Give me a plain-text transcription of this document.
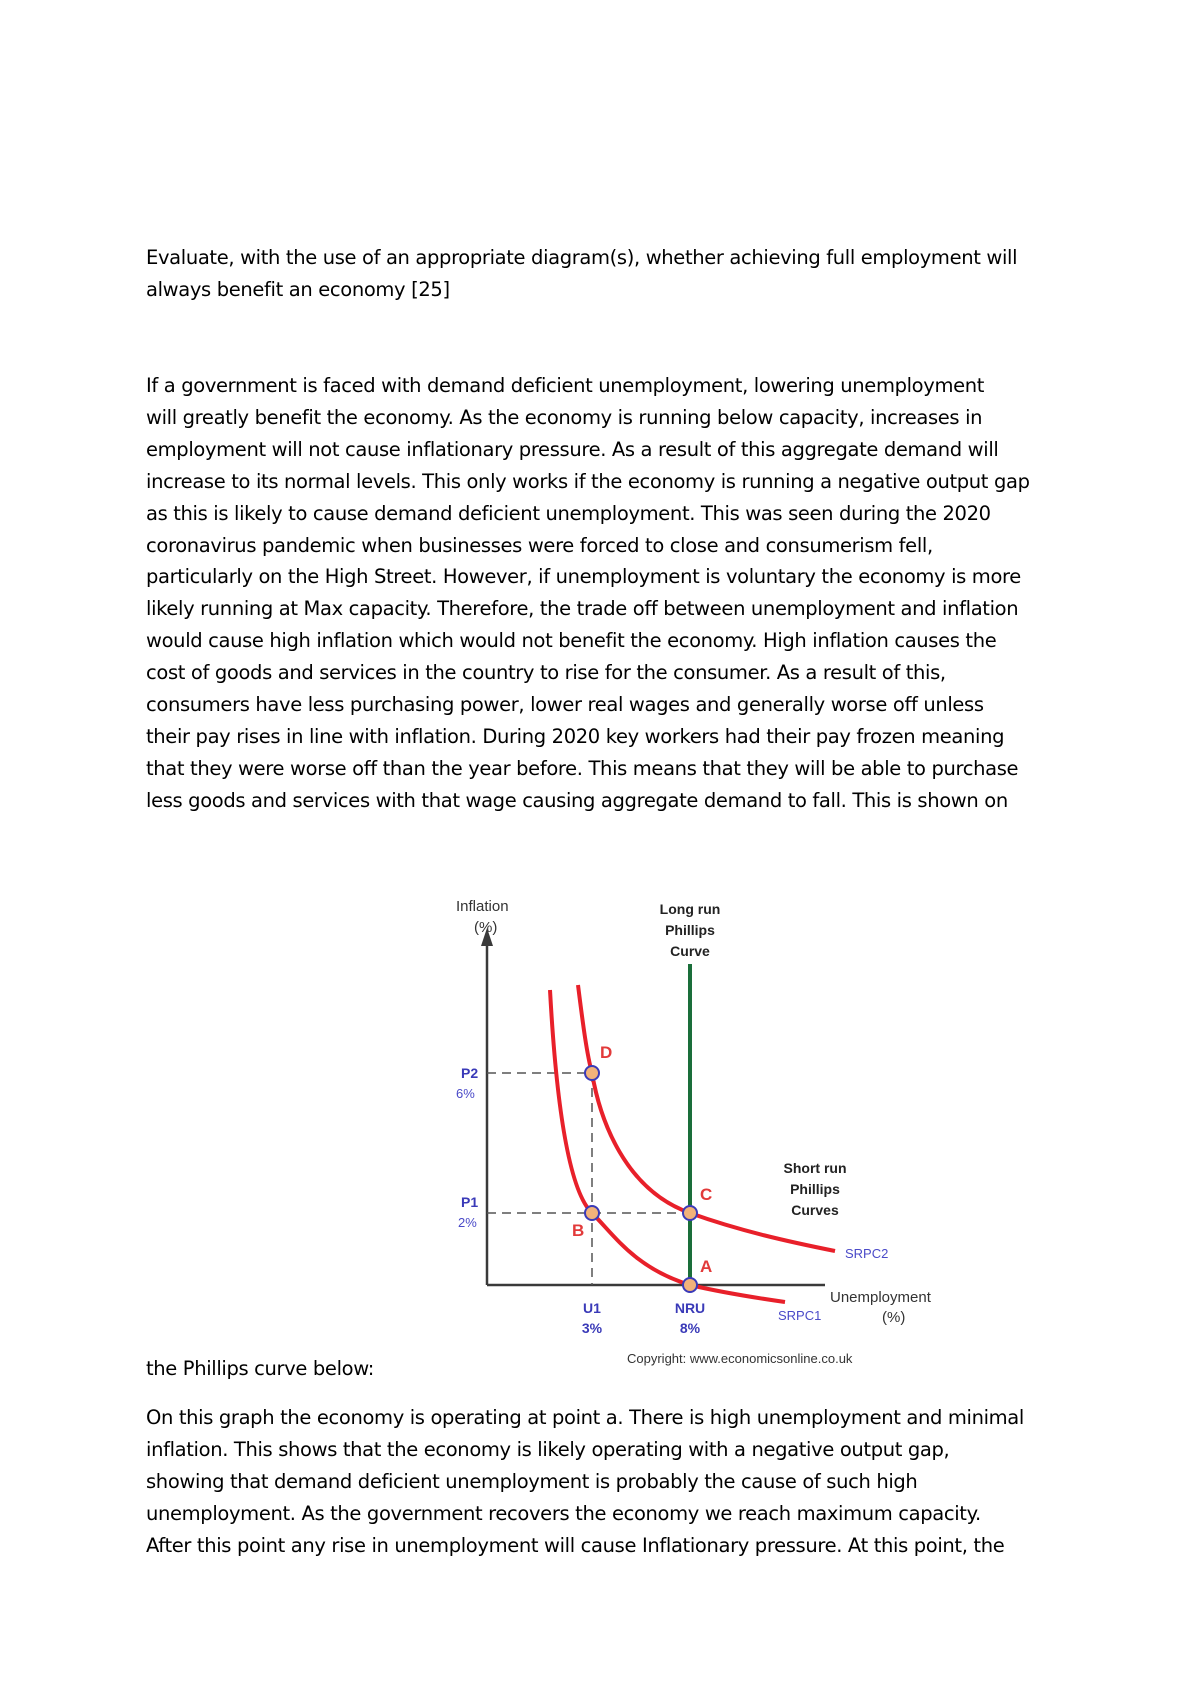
Evaluate, with the use of an appropriate diagram(s), whether achieving full employment will
always benefit an economy [25]
If a government is faced with demand deficient unemployment, lowering unemployment
will greatly benefit the economy. As the economy is running below capacity, increases in
employment will not cause inflationary pressure. As a result of this aggregate demand will
increase to its normal levels. This only works if the economy is running a negative output gap
as this is likely to cause demand deficient unemployment. This was seen during the 2020
coronavirus pandemic when businesses were forced to close and consumerism fell,
particularly on the High Street. However, if unemployment is voluntary the economy is more
likely running at Max capacity. Therefore, the trade off between unemployment and inflation
would cause high inflation which would not benefit the economy. High inflation causes the
cost of goods and services in the country to rise for the consumer. As a result of this,
consumers have less purchasing power, lower real wages and generally worse off unless
their pay rises in line with inflation. During 2020 key workers had their pay frozen meaning
that they were worse off than the year before. This means that they will be able to purchase
less goods and services with that wage causing aggregate demand to fall. This is shown on
Inflation
(%)
Unemployment
(%)
Long run
Phillips
Curve
P2
6%
P1
2%
U1
3%
NRU
8%
Short run
Phillips
Curves
SRPC2
SRPC1
D
B
C
A
Copyright: www.economicsonline.co.uk

the Phillips curve below:

On this graph the economy is operating at point a. There is high unemployment and minimal
inflation. This shows that the economy is likely operating with a negative output gap,
showing that demand deficient unemployment is probably the cause of such high
unemployment. As the government recovers the economy we reach maximum capacity.
After this point any rise in unemployment will cause Inflationary pressure. At this point, the
